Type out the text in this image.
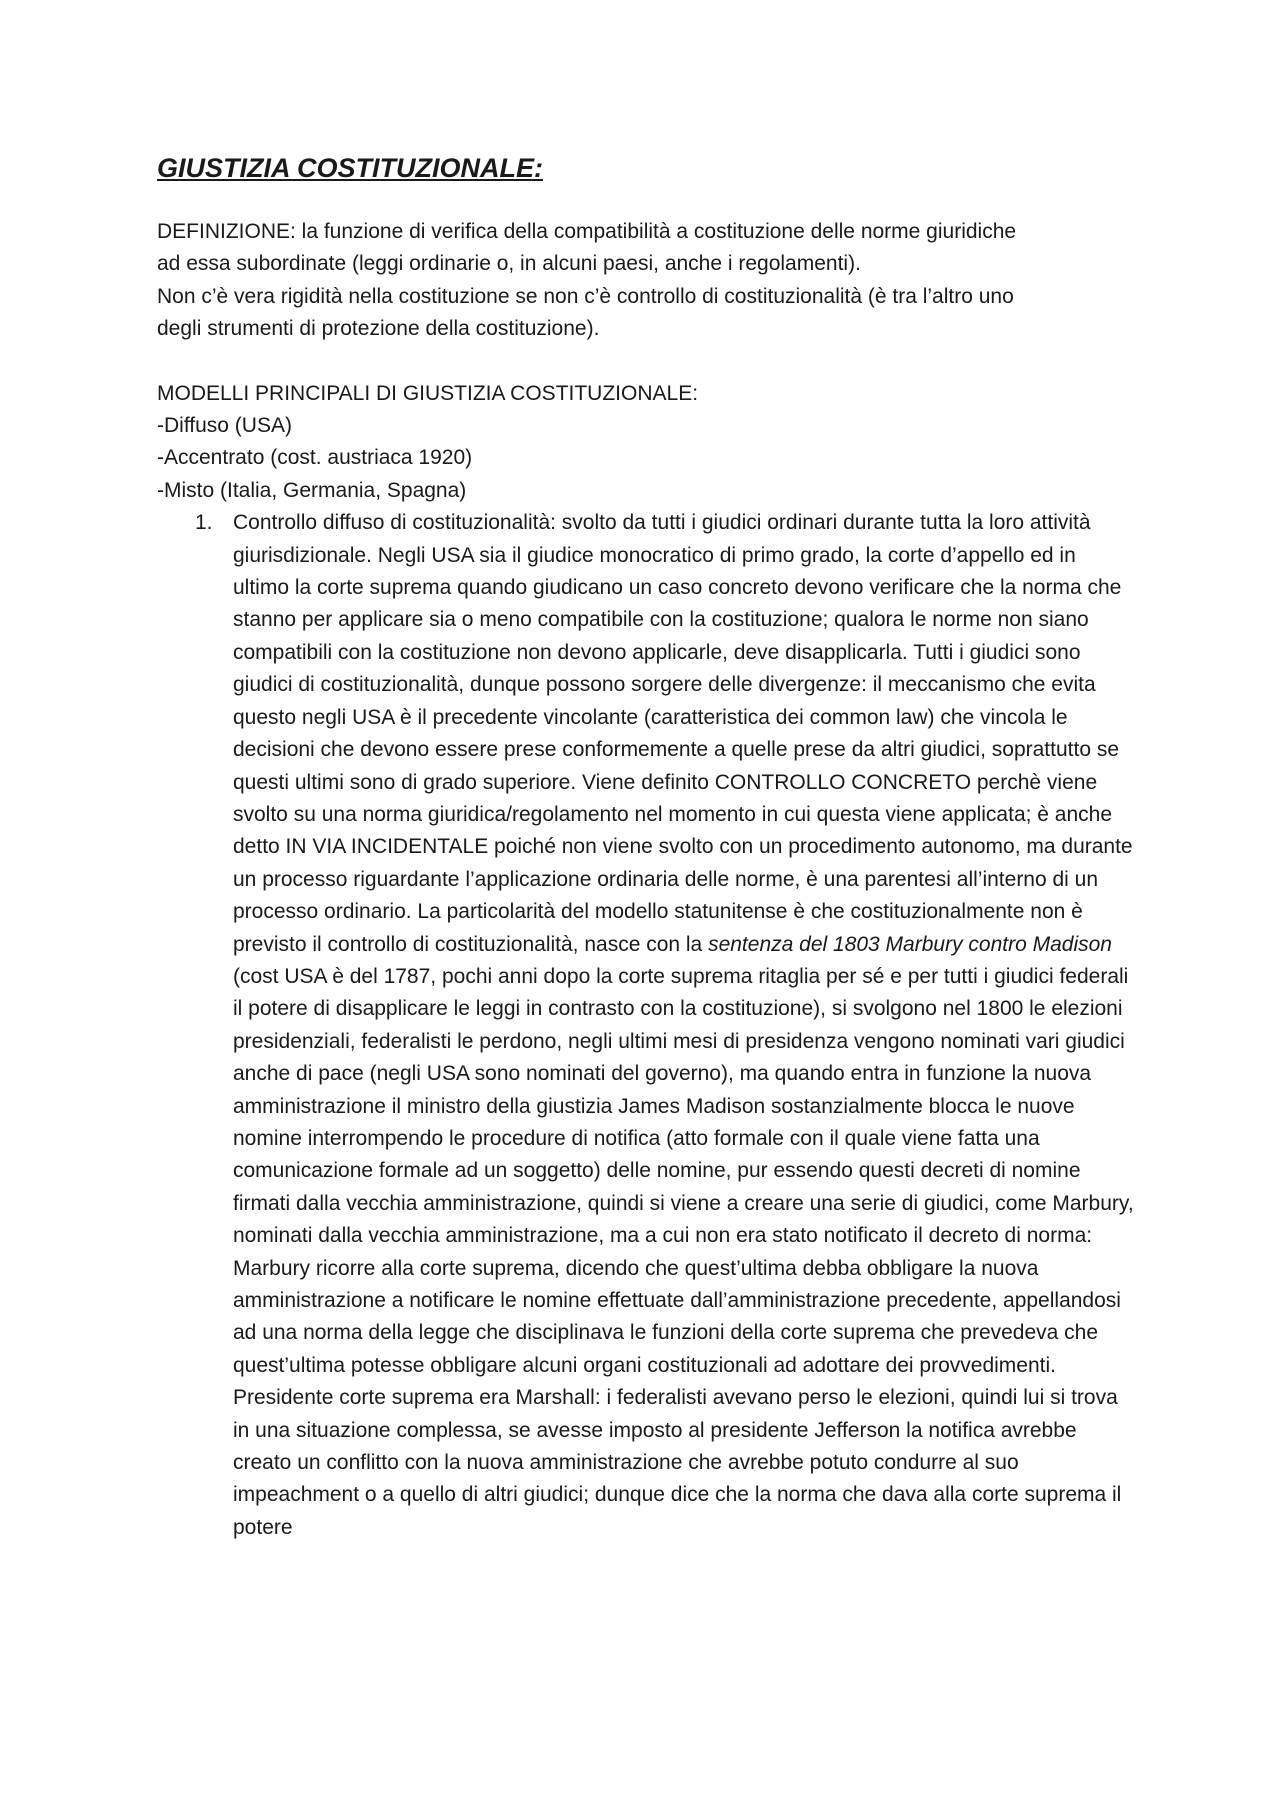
GIUSTIZIA COSTITUZIONALE:

DEFINIZIONE: la funzione di verifica della compatibilità a costituzione delle norme giuridiche

ad essa subordinate (leggi ordinarie o, in alcuni paesi, anche i regolamenti).

Non c’è vera rigidità nella costituzione se non c’è controllo di costituzionalità (è tra l’altro uno

degli strumenti di protezione della costituzione).

MODELLI PRINCIPALI DI GIUSTIZIA COSTITUZIONALE:

-Diffuso (USA)

-Accentrato (cost. austriaca 1920)

-Misto (Italia, Germania, Spagna)

1. Controllo diffuso di costituzionalità: svolto da tutti i giudici ordinari durante tutta la loro attività giurisdizionale. Negli USA sia il giudice monocratico di primo grado, la corte d’appello ed in ultimo la corte suprema quando giudicano un caso concreto devono verificare che la norma che stanno per applicare sia o meno compatibile con la costituzione; qualora le norme non siano compatibili con la costituzione non devono applicarle, deve disapplicarla. Tutti i giudici sono giudici di costituzionalità, dunque possono sorgere delle divergenze: il meccanismo che evita questo negli USA è il precedente vincolante (caratteristica dei common law) che vincola le decisioni che devono essere prese conformemente a quelle prese da altri giudici, soprattutto se questi ultimi sono di grado superiore. Viene definito CONTROLLO CONCRETO perchè viene svolto su una norma giuridica/regolamento nel momento in cui questa viene applicata; è anche detto IN VIA INCIDENTALE poiché non viene svolto con un procedimento autonomo, ma durante un processo riguardante l’applicazione ordinaria delle norme, è una parentesi all’interno di un processo ordinario. La particolarità del modello statunitense è che costituzionalmente non è previsto il controllo di costituzionalità, nasce con la sentenza del 1803 Marbury contro Madison (cost USA è del 1787, pochi anni dopo la corte suprema ritaglia per sé e per tutti i giudici federali il potere di disapplicare le leggi in contrasto con la costituzione), si svolgono nel 1800 le elezioni presidenziali, federalisti le perdono, negli ultimi mesi di presidenza vengono nominati vari giudici anche di pace (negli USA sono nominati del governo), ma quando entra in funzione la nuova amministrazione il ministro della giustizia James Madison sostanzialmente blocca le nuove nomine interrompendo le procedure di notifica (atto formale con il quale viene fatta una comunicazione formale ad un soggetto) delle nomine, pur essendo questi decreti di nomine firmati dalla vecchia amministrazione, quindi si viene a creare una serie di giudici, come Marbury, nominati dalla vecchia amministrazione, ma a cui non era stato notificato il decreto di norma: Marbury ricorre alla corte suprema, dicendo che quest’ultima debba obbligare la nuova amministrazione a notificare le nomine effettuate dall’amministrazione precedente, appellandosi ad una norma della legge che disciplinava le funzioni della corte suprema che prevedeva che quest’ultima potesse obbligare alcuni organi costituzionali ad adottare dei provvedimenti. Presidente corte suprema era Marshall: i federalisti avevano perso le elezioni, quindi lui si trova in una situazione complessa, se avesse imposto al presidente Jefferson la notifica avrebbe creato un conflitto con la nuova amministrazione che avrebbe potuto condurre al suo impeachment o a quello di altri giudici; dunque dice che la norma che dava alla corte suprema il potere
